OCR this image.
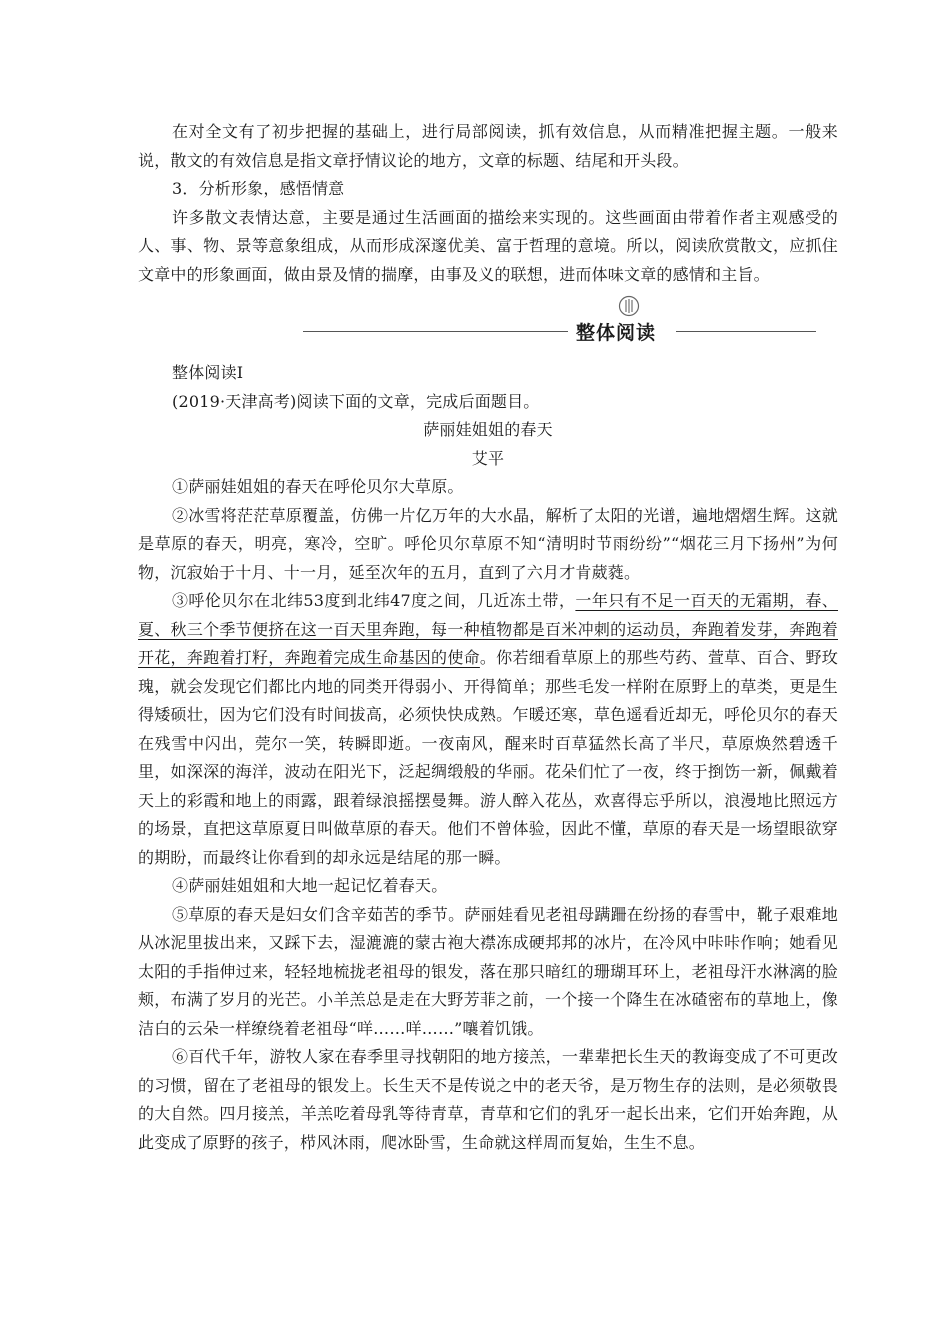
在对全文有了初步把握的基础上，进行局部阅读，抓有效信息，从而精准把握主题。一般来说，散文的有效信息是指文章抒情议论的地方，文章的标题、结尾和开头段。

3．分析形象，感悟情意

许多散文表情达意，主要是通过生活画面的描绘来实现的。这些画面由带着作者主观感受的人、事、物、景等意象组成，从而形成深邃优美、富于哲理的意境。所以，阅读欣赏散文，应抓住文章中的形象画面，做由景及情的揣摩，由事及义的联想，进而体味文章的感情和主旨。

整体阅读

整体阅读Ⅰ

(2019·天津高考)阅读下面的文章，完成后面题目。

萨丽娃姐姐的春天

艾平

①萨丽娃姐姐的春天在呼伦贝尔大草原。

②冰雪将茫茫草原覆盖，仿佛一片亿万年的大水晶，解析了太阳的光谱，遍地熠熠生辉。这就是草原的春天，明亮，寒冷，空旷。呼伦贝尔草原不知“清明时节雨纷纷”“烟花三月下扬州”为何物，沉寂始于十月、十一月，延至次年的五月，直到了六月才肯葳蕤。

③呼伦贝尔在北纬53度到北纬47度之间，几近冻土带，一年只有不足一百天的无霜期，春、夏、秋三个季节便挤在这一百天里奔跑，每一种植物都是百米冲刺的运动员，奔跑着发芽，奔跑着开花，奔跑着打籽，奔跑着完成生命基因的使命。你若细看草原上的那些芍药、萱草、百合、野玫瑰，就会发现它们都比内地的同类开得弱小、开得简单；那些毛发一样附在原野上的草类，更是生得矮硕壮，因为它们没有时间拔高，必须快快成熟。乍暖还寒，草色遥看近却无，呼伦贝尔的春天在残雪中闪出，莞尔一笑，转瞬即逝。一夜南风，醒来时百草猛然长高了半尺，草原焕然碧透千里，如深深的海洋，波动在阳光下，泛起绸缎般的华丽。花朵们忙了一夜，终于捯饬一新，佩戴着天上的彩霞和地上的雨露，跟着绿浪摇摆曼舞。游人醉入花丛，欢喜得忘乎所以，浪漫地比照远方的场景，直把这草原夏日叫做草原的春天。他们不曾体验，因此不懂，草原的春天是一场望眼欲穿的期盼，而最终让你看到的却永远是结尾的那一瞬。

④萨丽娃姐姐和大地一起记忆着春天。

⑤草原的春天是妇女们含辛茹苦的季节。萨丽娃看见老祖母蹒跚在纷扬的春雪中，靴子艰难地从冰泥里拔出来，又踩下去，湿漉漉的蒙古袍大襟冻成硬邦邦的冰片，在冷风中咔咔作响；她看见太阳的手指伸过来，轻轻地梳拢老祖母的银发，落在那只暗红的珊瑚耳环上，老祖母汗水淋漓的脸颊，布满了岁月的光芒。小羊羔总是走在大野芳菲之前，一个接一个降生在冰碴密布的草地上，像洁白的云朵一样缭绕着老祖母“咩……咩……”嚷着饥饿。

⑥百代千年，游牧人家在春季里寻找朝阳的地方接羔，一辈辈把长生天的教诲变成了不可更改的习惯，留在了老祖母的银发上。长生天不是传说之中的老天爷，是万物生存的法则，是必须敬畏的大自然。四月接羔，羊羔吃着母乳等待青草，青草和它们的乳牙一起长出来，它们开始奔跑，从此变成了原野的孩子，栉风沐雨，爬冰卧雪，生命就这样周而复始，生生不息。
